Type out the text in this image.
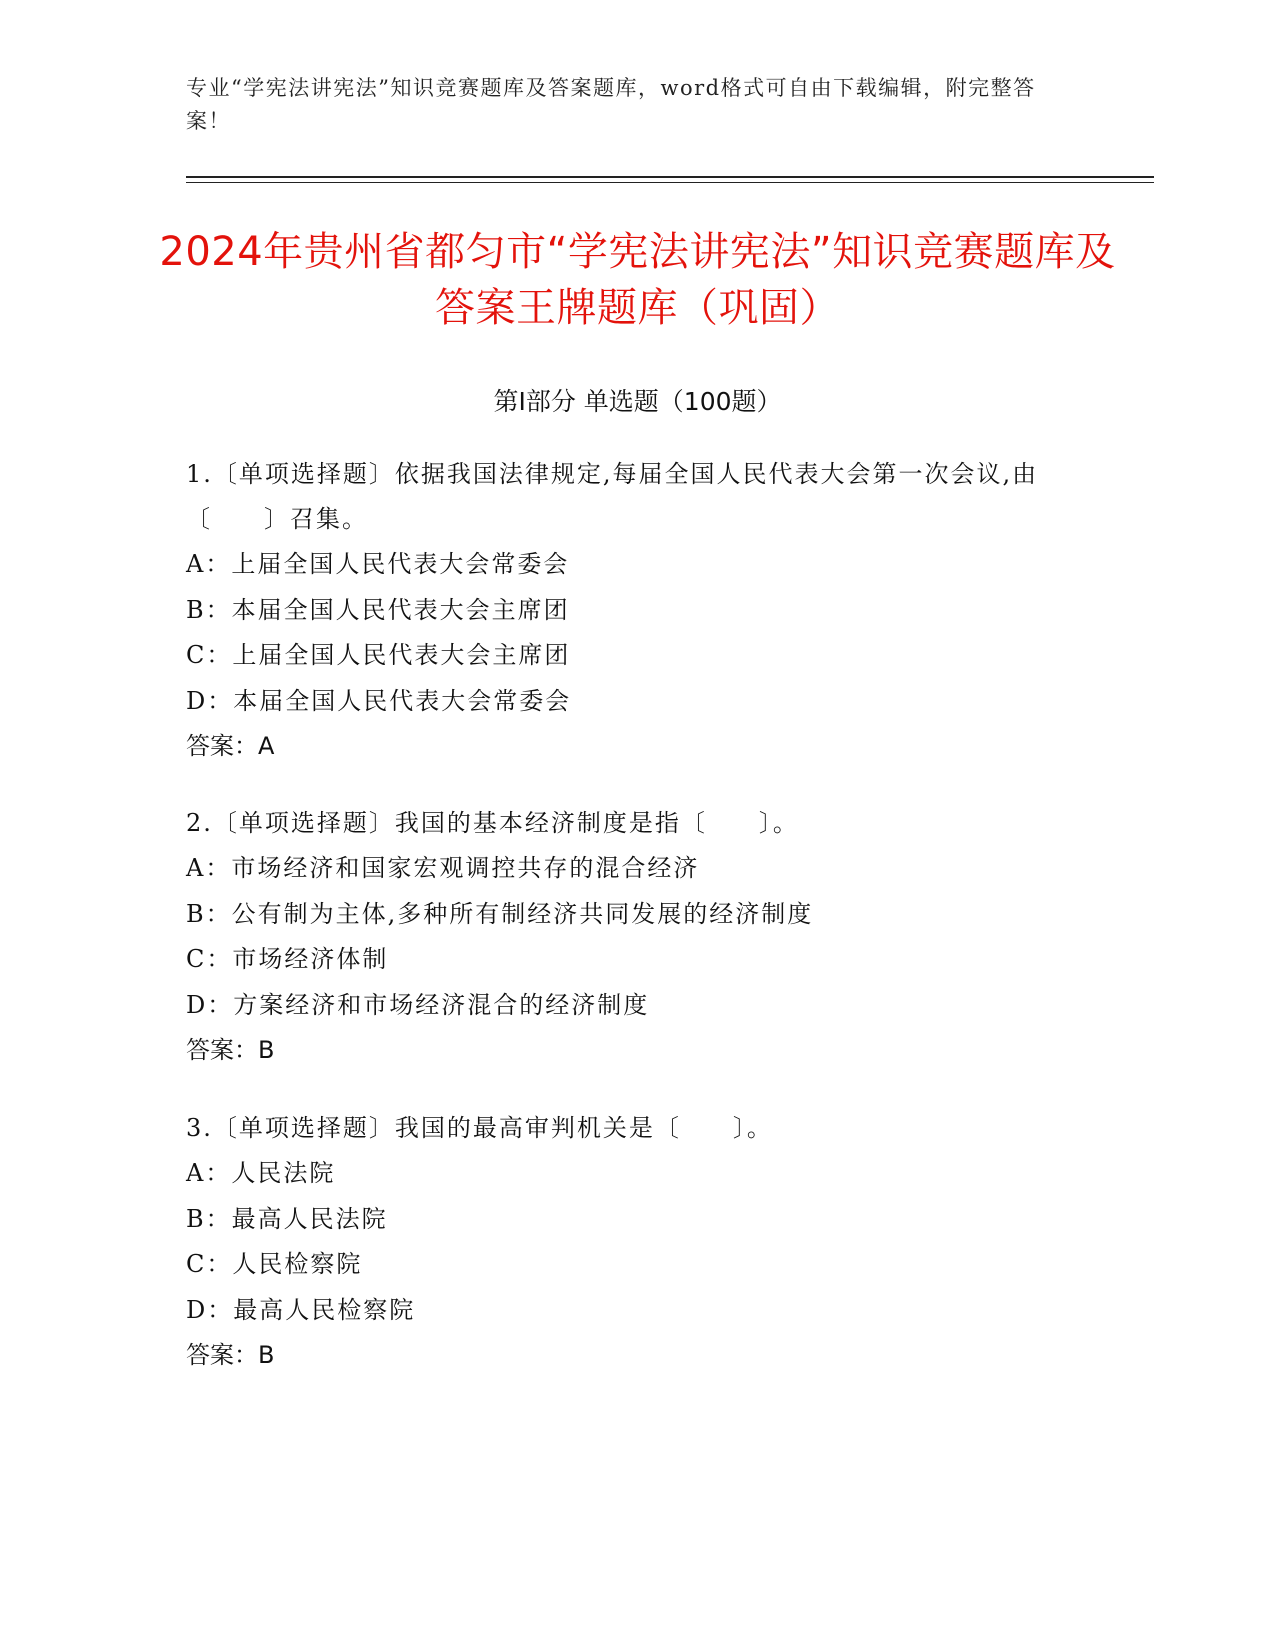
专业“学宪法讲宪法”知识竞赛题库及答案题库，word格式可自由下载编辑，附完整答案！
2024年贵州省都匀市“学宪法讲宪法”知识竞赛题库及答案王牌题库（巩固）
第Ⅰ部分 单选题（100题）

1.〔单项选择题〕依据我国法律规定,每届全国人民代表大会第一次会议,由〔　　〕召集。

A：上届全国人民代表大会常委会

B：本届全国人民代表大会主席团

C：上届全国人民代表大会主席团

D：本届全国人民代表大会常委会

答案：A

2.〔单项选择题〕我国的基本经济制度是指〔　　〕。

A：市场经济和国家宏观调控共存的混合经济

B：公有制为主体,多种所有制经济共同发展的经济制度

C：市场经济体制

D：方案经济和市场经济混合的经济制度

答案：B

3.〔单项选择题〕我国的最高审判机关是〔　　〕。

A：人民法院

B：最高人民法院

C：人民检察院

D：最高人民检察院

答案：B
